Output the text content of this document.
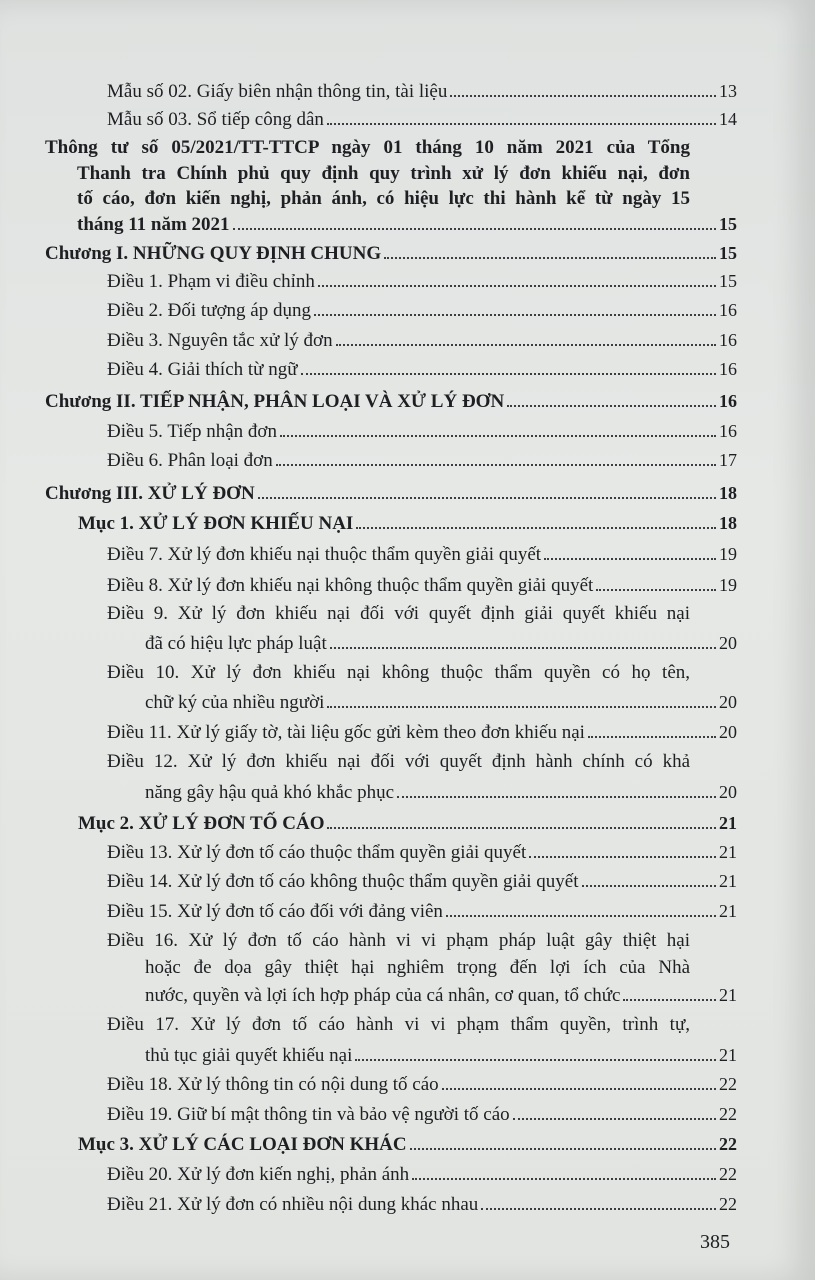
Mẫu số 02. Giấy biên nhận thông tin, tài liệu	13
Mẫu số 03. Sổ tiếp công dân	14
Thông tư số 05/2021/TT-TTCP ngày 01 tháng 10 năm 2021 của Tổng
Thanh tra Chính phủ quy định quy trình xử lý đơn khiếu nại, đơn
tố cáo, đơn kiến nghị, phản ánh, có hiệu lực thi hành kể từ ngày 15
tháng 11 năm 2021	15
Chương I. NHỮNG QUY ĐỊNH CHUNG	15
Điều 1. Phạm vi điều chỉnh	15
Điều 2. Đối tượng áp dụng	16
Điều 3. Nguyên tắc xử lý đơn	16
Điều 4. Giải thích từ ngữ	16
Chương II. TIẾP NHẬN, PHÂN LOẠI VÀ XỬ LÝ ĐƠN	16
Điều 5. Tiếp nhận đơn	16
Điều 6. Phân loại đơn	17
Chương III. XỬ LÝ ĐƠN	18
Mục 1. XỬ LÝ ĐƠN KHIẾU NẠI	18
Điều 7. Xử lý đơn khiếu nại thuộc thẩm quyền giải quyết	19
Điều 8. Xử lý đơn khiếu nại không thuộc thẩm quyền giải quyết	19
Điều 9. Xử lý đơn khiếu nại đối với quyết định giải quyết khiếu nại
đã có hiệu lực pháp luật	20
Điều 10. Xử lý đơn khiếu nại không thuộc thẩm quyền có họ tên,
chữ ký của nhiều người	20
Điều 11. Xử lý giấy tờ, tài liệu gốc gửi kèm theo đơn khiếu nại	20
Điều 12. Xử lý đơn khiếu nại đối với quyết định hành chính có khả
năng gây hậu quả khó khắc phục	20
Mục 2. XỬ LÝ ĐƠN TỐ CÁO	21
Điều 13. Xử lý đơn tố cáo thuộc thẩm quyền giải quyết	21
Điều 14. Xử lý đơn tố cáo không thuộc thẩm quyền giải quyết	21
Điều 15. Xử lý đơn tố cáo đối với đảng viên	21
Điều 16. Xử lý đơn tố cáo hành vi vi phạm pháp luật gây thiệt hại
hoặc đe dọa gây thiệt hại nghiêm trọng đến lợi ích của Nhà
nước, quyền và lợi ích hợp pháp của cá nhân, cơ quan, tổ chức	21
Điều 17. Xử lý đơn tố cáo hành vi vi phạm thẩm quyền, trình tự,
thủ tục giải quyết khiếu nại	21
Điều 18. Xử lý thông tin có nội dung tố cáo	22
Điều 19. Giữ bí mật thông tin và bảo vệ người tố cáo	22
Mục 3. XỬ LÝ CÁC LOẠI ĐƠN KHÁC	22
Điều 20. Xử lý đơn kiến nghị, phản ánh	22
Điều 21. Xử lý đơn có nhiều nội dung khác nhau	22
385
